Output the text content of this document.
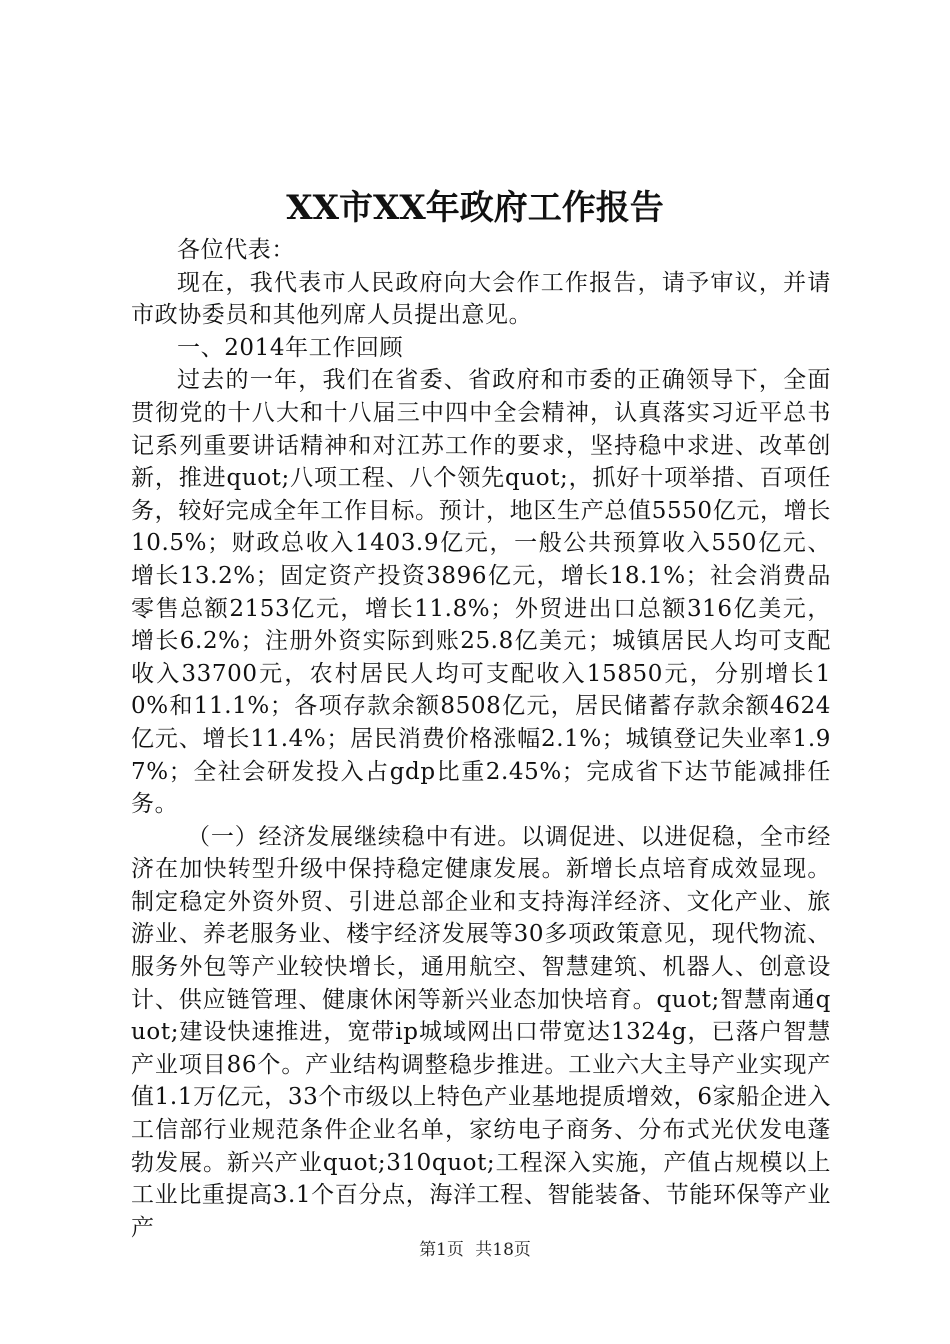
XX市XX年政府工作报告

各位代表：

现在，我代表市人民政府向大会作工作报告，请予审议，并请市政协委员和其他列席人员提出意见。

一、2014年工作回顾

过去的一年，我们在省委、省政府和市委的正确领导下，全面贯彻党的十八大和十八届三中四中全会精神，认真落实习近平总书记系列重要讲话精神和对江苏工作的要求，坚持稳中求进、改革创新，推进quot;八项工程、八个领先quot;，抓好十项举措、百项任务，较好完成全年工作目标。预计，地区生产总值5550亿元，增长10.5%；财政总收入1403.9亿元，一般公共预算收入550亿元、增长13.2%；固定资产投资3896亿元，增长18.1%；社会消费品零售总额2153亿元，增长11.8%；外贸进出口总额316亿美元，增长6.2%；注册外资实际到账25.8亿美元；城镇居民人均可支配收入33700元，农村居民人均可支配收入15850元，分别增长10%和11.1%；各项存款余额8508亿元，居民储蓄存款余额4624亿元、增长11.4%；居民消费价格涨幅2.1%；城镇登记失业率1.97%；全社会研发投入占gdp比重2.45%；完成省下达节能减排任务。

（一）经济发展继续稳中有进。以调促进、以进促稳，全市经济在加快转型升级中保持稳定健康发展。新增长点培育成效显现。制定稳定外资外贸、引进总部企业和支持海洋经济、文化产业、旅游业、养老服务业、楼宇经济发展等30多项政策意见，现代物流、服务外包等产业较快增长，通用航空、智慧建筑、机器人、创意设计、供应链管理、健康休闲等新兴业态加快培育。quot;智慧南通quot;建设快速推进，宽带ip城域网出口带宽达1324g，已落户智慧产业项目86个。产业结构调整稳步推进。工业六大主导产业实现产值1.1万亿元，33个市级以上特色产业基地提质增效，6家船企进入工信部行业规范条件企业名单，家纺电子商务、分布式光伏发电蓬勃发展。新兴产业quot;310quot;工程深入实施，产值占规模以上工业比重提高3.1个百分点，海洋工程、智能装备、节能环保等产业产

第1页 共18页
